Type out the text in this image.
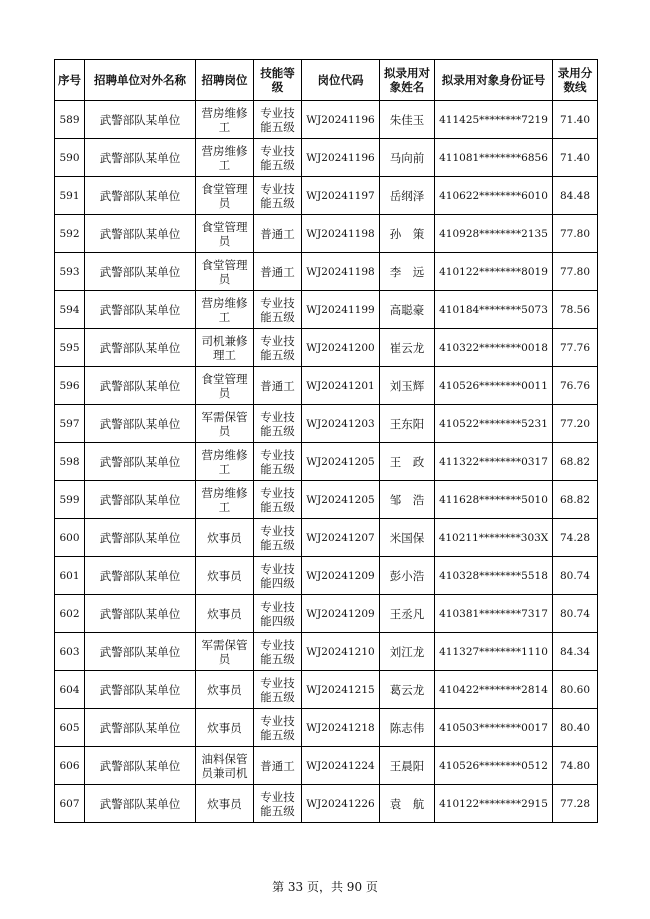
序号	招聘单位对外名称	招聘岗位	技能等级	岗位代码	拟录用对象姓名	拟录用对象身份证号	录用分数线
589	武警部队某单位	营房维修工	专业技能五级	WJ20241196	朱佳玉	411425********7219	71.40
590	武警部队某单位	营房维修工	专业技能五级	WJ20241196	马向前	411081********6856	71.40
591	武警部队某单位	食堂管理员	专业技能五级	WJ20241197	岳纲泽	410622********6010	84.48
592	武警部队某单位	食堂管理员	普通工	WJ20241198	孙　策	410928********2135	77.80
593	武警部队某单位	食堂管理员	普通工	WJ20241198	李　远	410122********8019	77.80
594	武警部队某单位	营房维修工	专业技能五级	WJ20241199	高聪豪	410184********5073	78.56
595	武警部队某单位	司机兼修理工	专业技能五级	WJ20241200	崔云龙	410322********0018	77.76
596	武警部队某单位	食堂管理员	普通工	WJ20241201	刘玉辉	410526********0011	76.76
597	武警部队某单位	军需保管员	专业技能五级	WJ20241203	王东阳	410522********5231	77.20
598	武警部队某单位	营房维修工	专业技能五级	WJ20241205	王　政	411322********0317	68.82
599	武警部队某单位	营房维修工	专业技能五级	WJ20241205	邹　浩	411628********5010	68.82
600	武警部队某单位	炊事员	专业技能五级	WJ20241207	米国保	410211********303X	74.28
601	武警部队某单位	炊事员	专业技能四级	WJ20241209	彭小浩	410328********5518	80.74
602	武警部队某单位	炊事员	专业技能四级	WJ20241209	王丞凡	410381********7317	80.74
603	武警部队某单位	军需保管员	专业技能五级	WJ20241210	刘江龙	411327********1110	84.34
604	武警部队某单位	炊事员	专业技能五级	WJ20241215	葛云龙	410422********2814	80.60
605	武警部队某单位	炊事员	专业技能五级	WJ20241218	陈志伟	410503********0017	80.40
606	武警部队某单位	油料保管员兼司机	普通工	WJ20241224	王晨阳	410526********0512	74.80
607	武警部队某单位	炊事员	专业技能五级	WJ20241226	袁　航	410122********2915	77.28
第 33 页，共 90 页
